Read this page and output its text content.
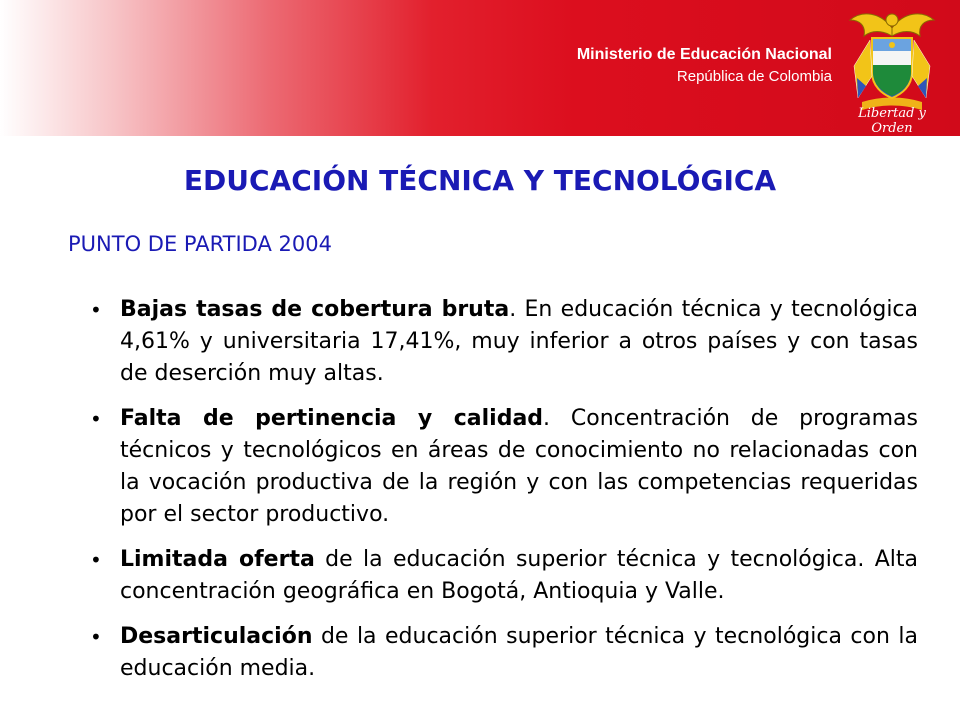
Ministerio de Educación Nacional
República de Colombia
Libertad y Orden
EDUCACIÓN TÉCNICA Y TECNOLÓGICA
PUNTO DE PARTIDA 2004
• Bajas tasas de cobertura bruta. En educación técnica y tecnológica 4,61% y universitaria 17,41%, muy inferior a otros países y con tasas de deserción muy altas.
• Falta de pertinencia y calidad. Concentración de programas técnicos y tecnológicos en áreas de conocimiento no relacionadas con la vocación productiva de la región y con las competencias requeridas por el sector productivo.
• Limitada oferta de la educación superior técnica y tecnológica. Alta concentración geográfica en Bogotá, Antioquia y Valle.
• Desarticulación de la educación superior técnica y tecnológica con la educación media.
